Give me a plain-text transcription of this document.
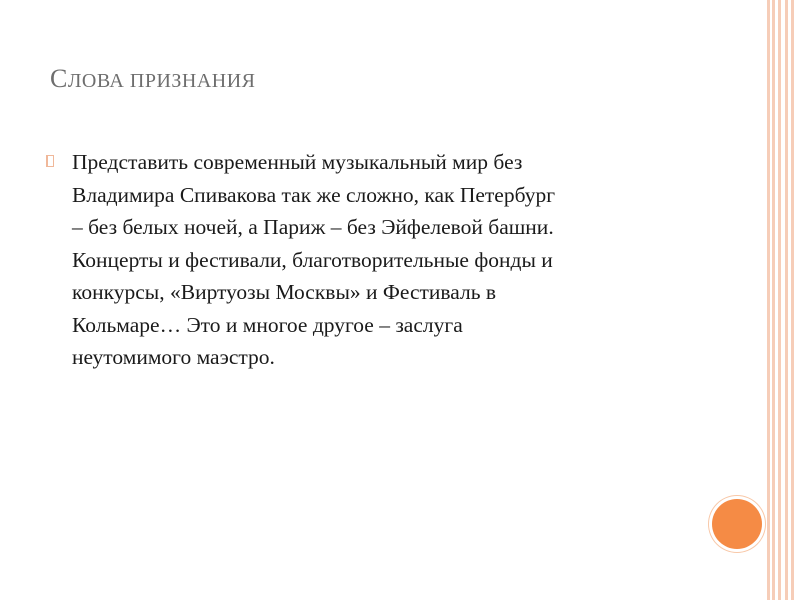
СЛОВА ПРИЗНАНИЯ
Представить современный музыкальный мир без
Владимира Спивакова так же сложно, как Петербург
– без белых ночей, а Париж – без Эйфелевой башни.
Концерты и фестивали, благотворительные фонды и
конкурсы, «Виртуозы Москвы» и Фестиваль в
Кольмаре… Это и многое другое – заслуга
неутомимого маэстро.
